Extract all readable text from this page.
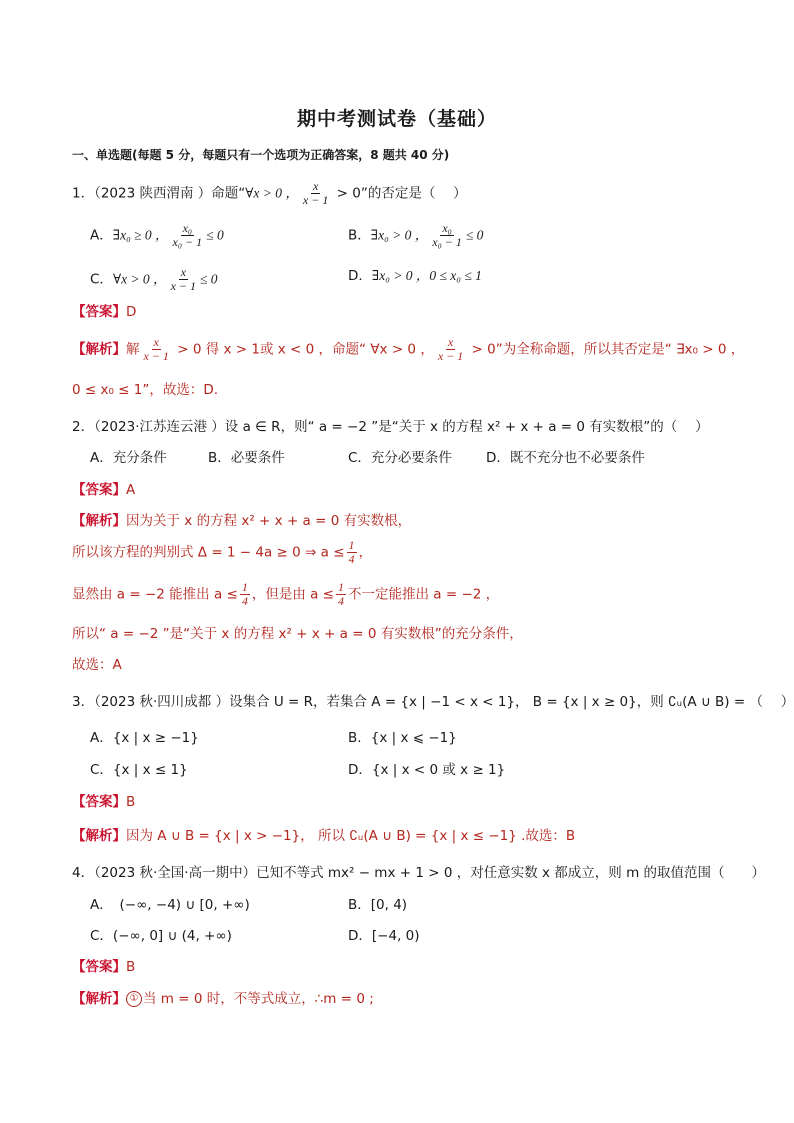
期中考测试卷（基础）
一、单选题(每题 5 分，每题只有一个选项为正确答案，8 题共 40 分)
1．（2023 陕西渭南 ）命题“∀x > 0 ， $\frac{x}{x - 1} > 0$”的否定是（　 ）
A．∃x₀ ≥ 0 ， $\frac{\text{x₀}}{\text{x₀ − 1}} \le 0$	B．∃x₀ > 0 ， $\frac{\text{x₀}}{\text{x₀ − 1}} \le 0$
C．∀x > 0 ， $\frac{x}{x - 1} \le 0$	D．∃x₀ > 0 ，0 ≤ x₀ ≤ 1
【答案】D
【解析】解 $\frac{x}{x - 1} > 0$ 得 x > 1或 x < 0 ，命题“ ∀x > 0 ， $\frac{x}{x - 1} > 0$”为全称命题，所以其否定是“ ∃x₀ > 0 ，
0 ≤ x₀ ≤ 1”，故选：D.
2．（2023·江苏连云港 ）设 a ∈ R，则“ a = −2 ”是“关于 x 的方程 x² + x + a = 0 有实数根”的（　 ）
A．充分条件	B．必要条件	C．充分必要条件	D．既不充分也不必要条件
【答案】A
【解析】因为关于 x 的方程 x² + x + a = 0 有实数根，
所以该方程的判别式 Δ = 1 − 4a ≥ 0 ⇒ $a \le \frac{1}{4}$ ，
显然由 a = −2 能推出 $a \le \frac{1}{4}$ ，但是由 $a \le \frac{1}{4}$ 不一定能推出 a = −2 ，
所以“ a = −2 ”是“关于 x 的方程 x² + x + a = 0 有实数根”的充分条件，
故选：A
3．（2023 秋·四川成都 ）设集合 U = R，若集合 A = {x | −1 < x < 1}， B = {x | x ≥ 0}，则 ∁ᵤ(A ∪ B) = （　 ）
A．{x | x ≥ −1}	B．{x | x ⩽ −1}
C．{x | x ≤ 1}	D．{x | x < 0 或 x ≥ 1}
【答案】B
【解析】因为 A ∪ B = {x | x > −1}， 所以 ∁ᵤ(A ∪ B) = {x | x ≤ −1} .故选：B
4．（2023 秋·全国·高一期中）已知不等式 mx² − mx + 1 > 0 ，对任意实数 x 都成立，则 m 的取值范围（　　）
A．　(−∞, −4) ∪ [0, +∞)	B．[0, 4)
C．(−∞, 0] ∪ (4, +∞)	D．[−4, 0)
【答案】B
【解析】 ① 当 m = 0 时，不等式成立，∴m = 0 ;
